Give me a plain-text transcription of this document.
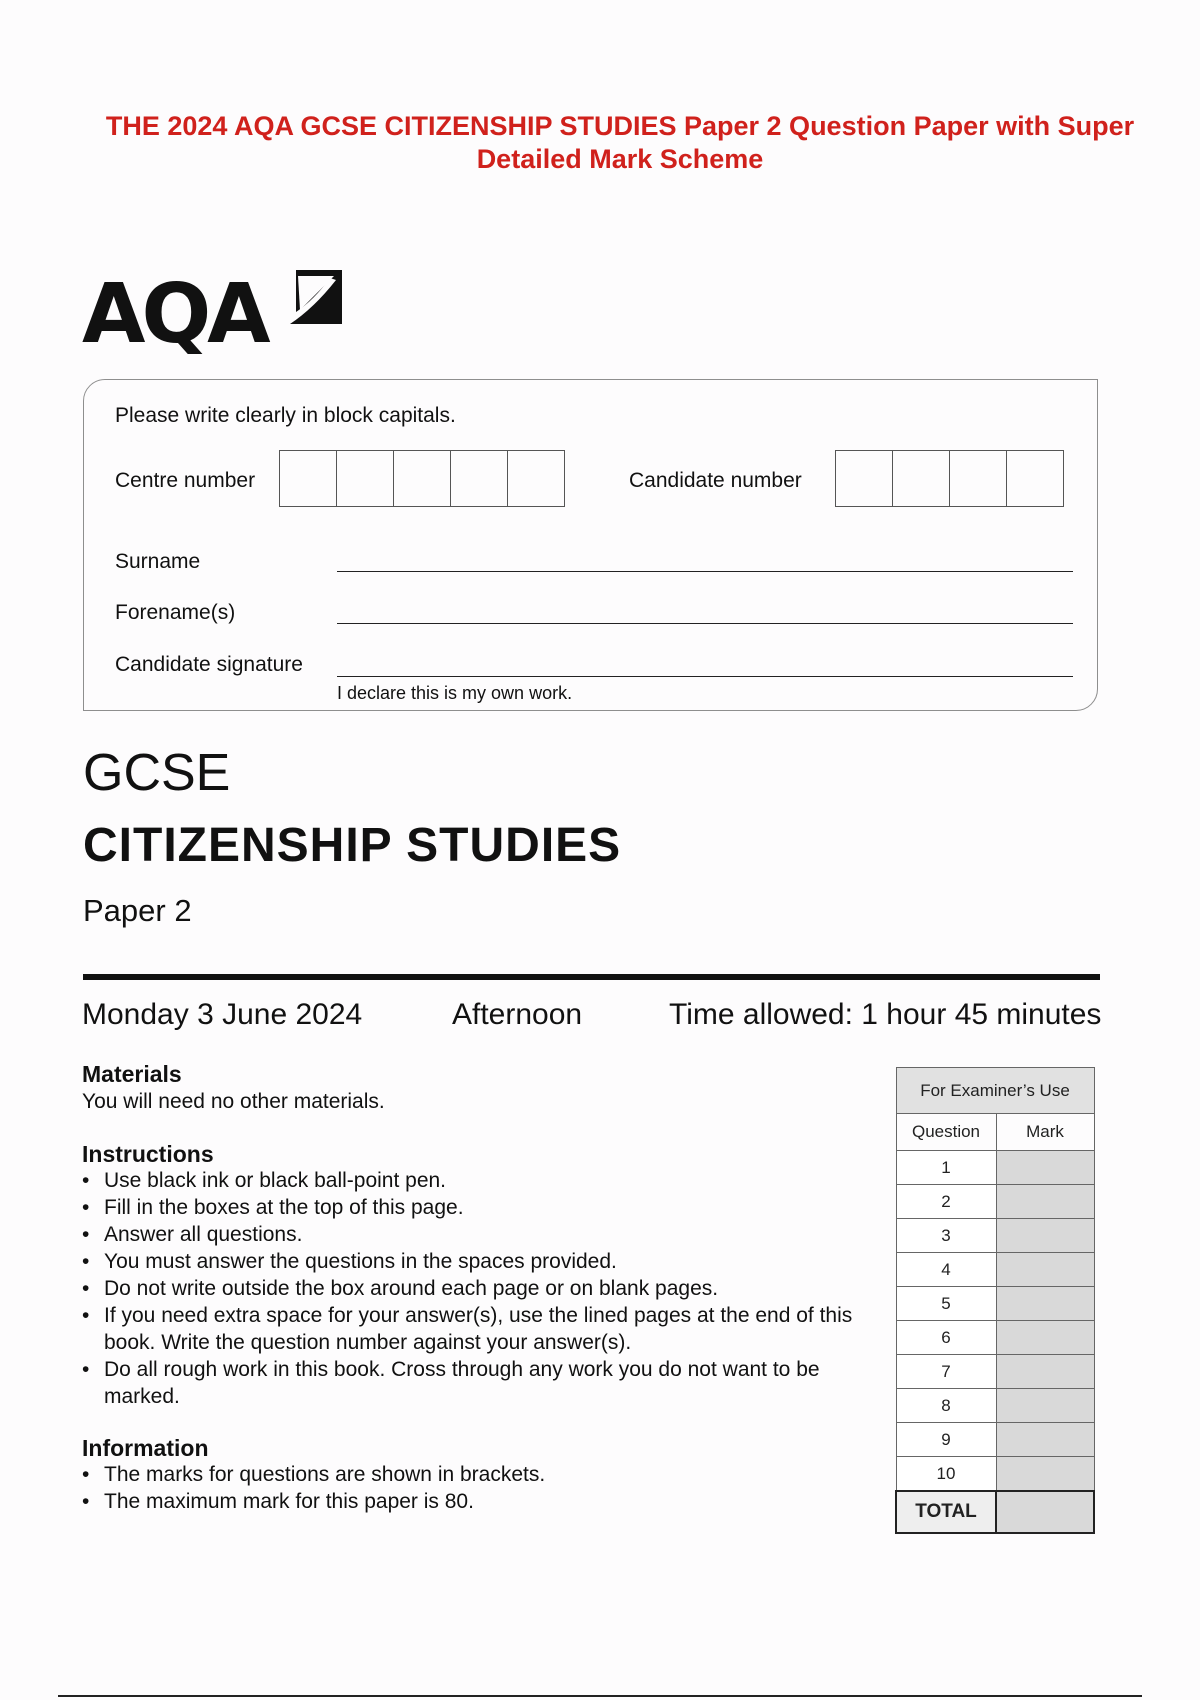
THE 2024 AQA GCSE CITIZENSHIP STUDIES Paper 2 Question Paper with Super Detailed Mark Scheme
AQA
Please write clearly in block capitals.
Centre number	Candidate number
Surname
Forename(s)
Candidate signature
I declare this is my own work.
GCSE
CITIZENSHIP STUDIES
Paper 2
Monday 3 June 2024	Afternoon	Time allowed: 1 hour 45 minutes
Materials
You will need no other materials.
Instructions
• Use black ink or black ball-point pen.
• Fill in the boxes at the top of this page.
• Answer all questions.
• You must answer the questions in the spaces provided.
• Do not write outside the box around each page or on blank pages.
• If you need extra space for your answer(s), use the lined pages at the end of this book. Write the question number against your answer(s).
• Do all rough work in this book. Cross through any work you do not want to be marked.
Information
• The marks for questions are shown in brackets.
• The maximum mark for this paper is 80.
For Examiner’s Use	
Question	Mark
1	
2	
3	
4	
5	
6	
7	
8	
9	
10	
TOTAL	
